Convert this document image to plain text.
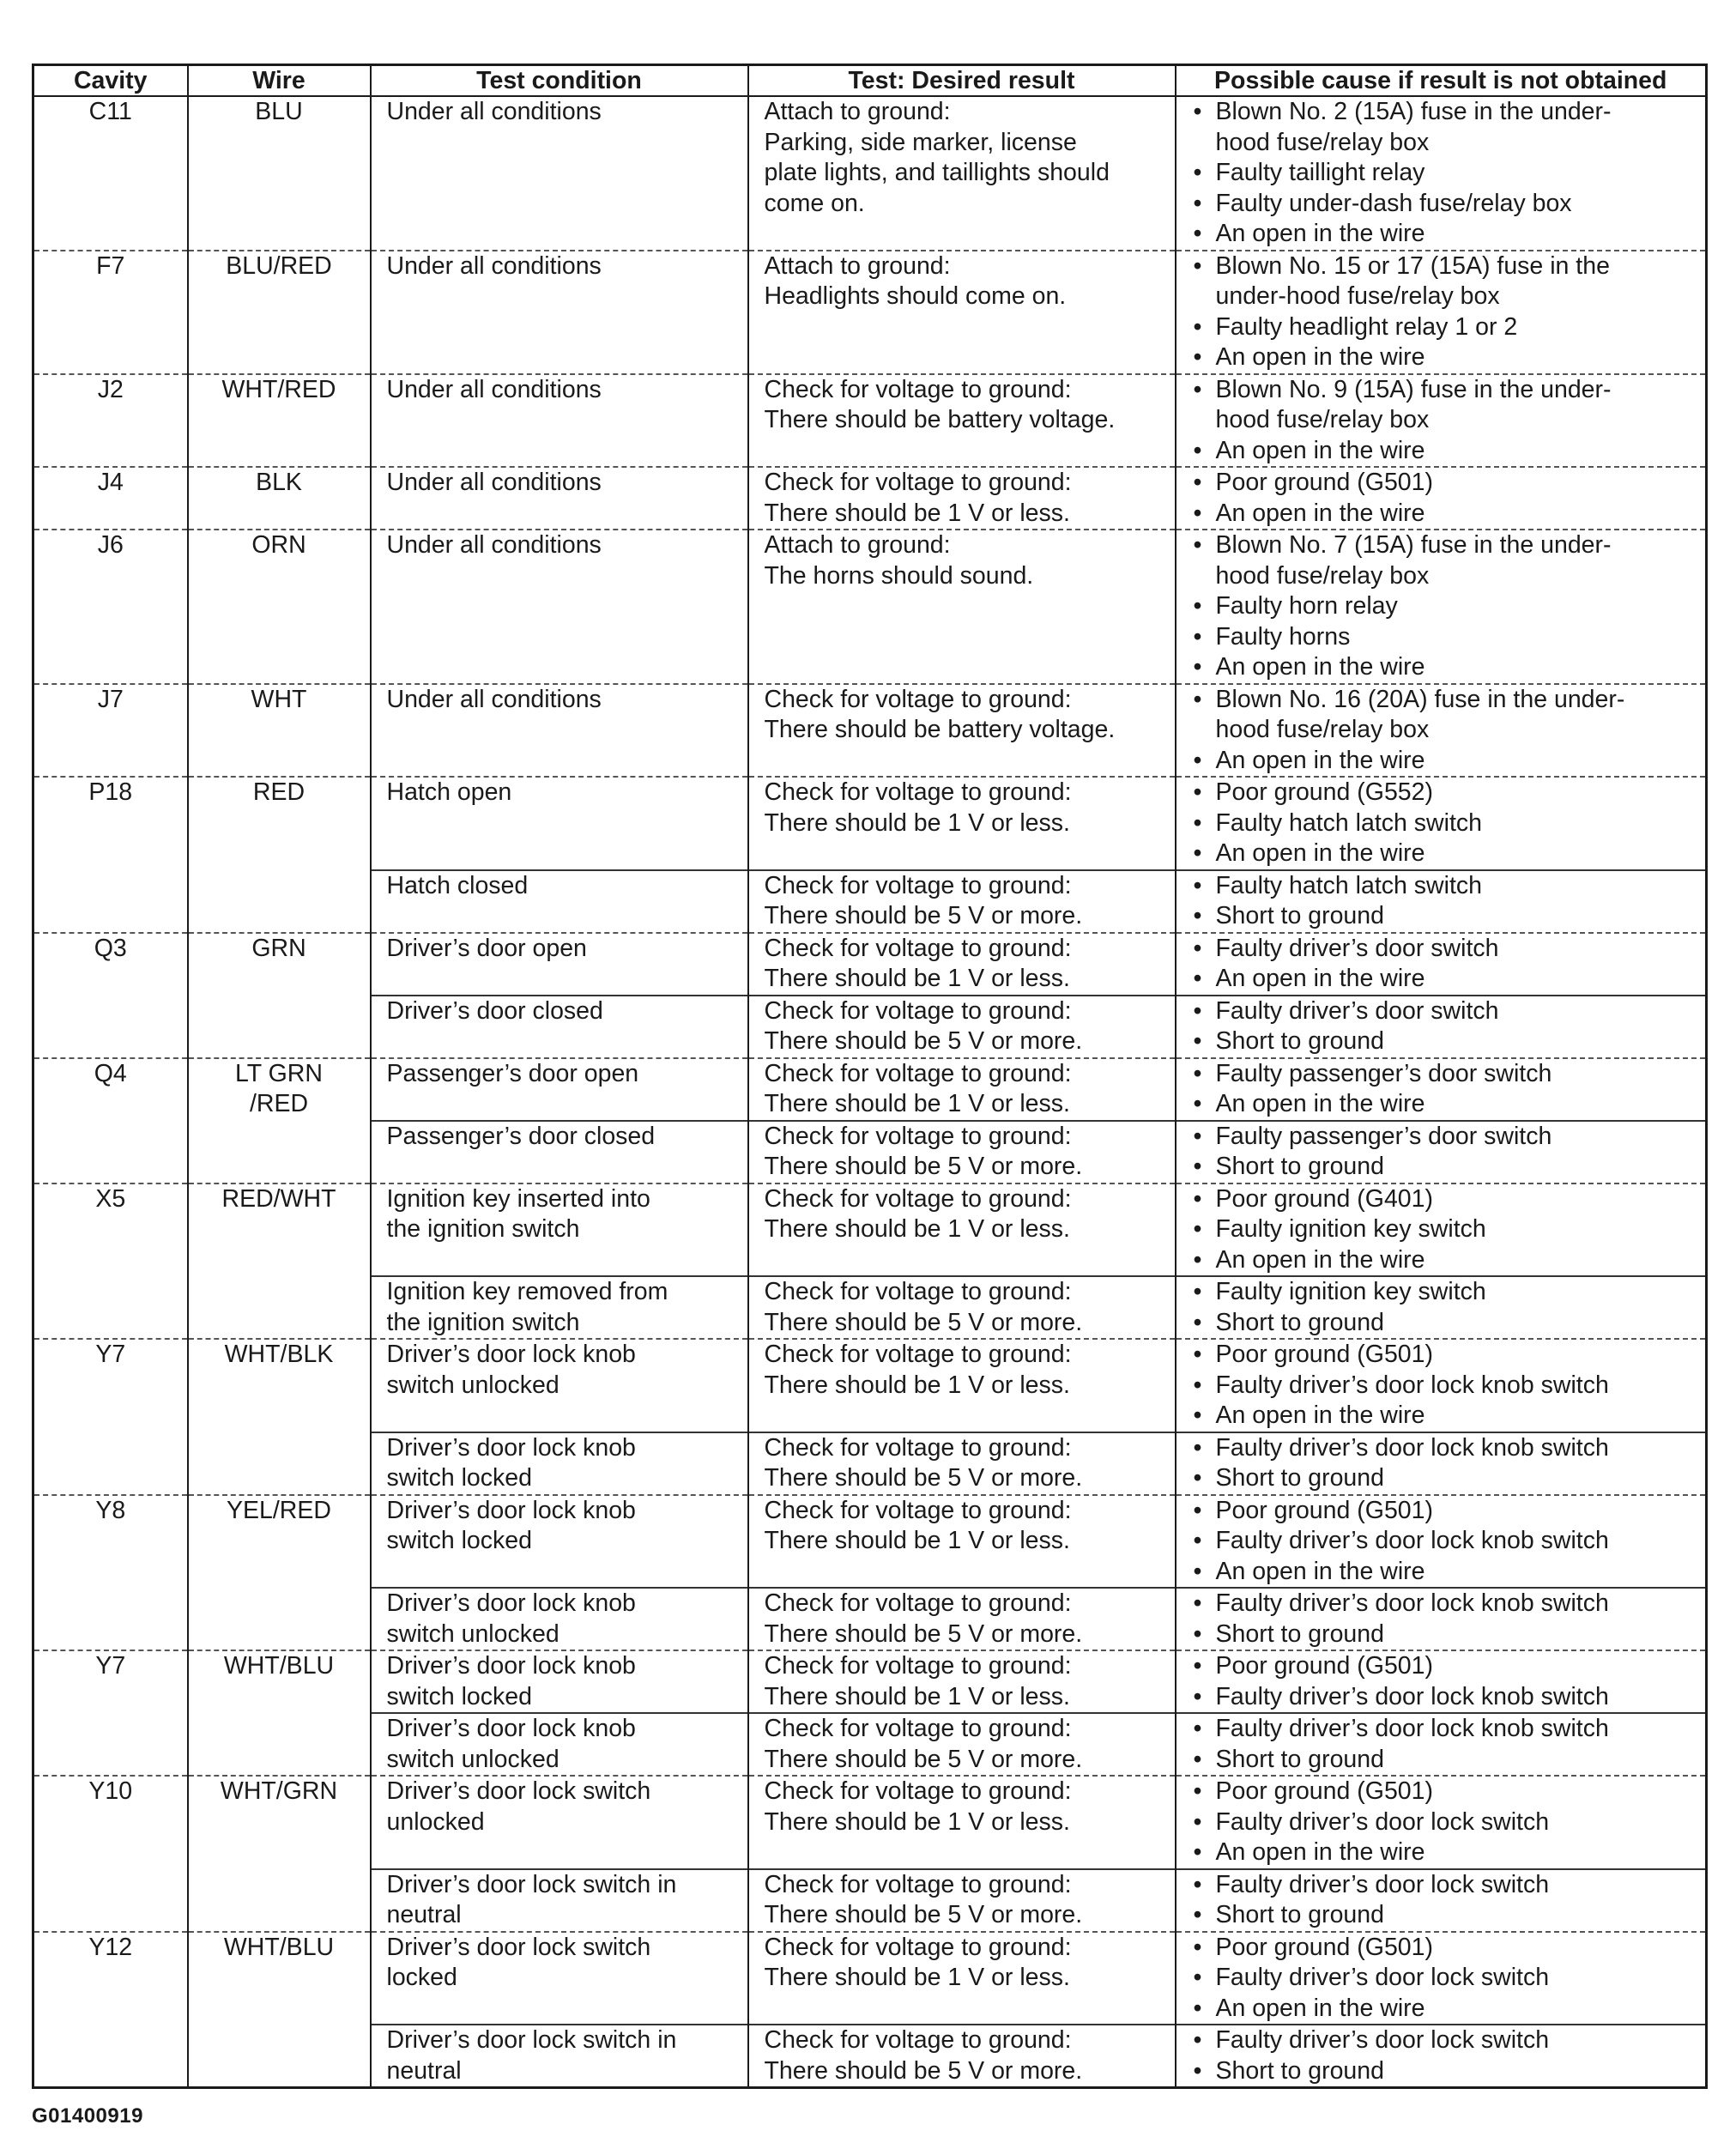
Cavity	Wire	Test condition	Test: Desired result	Possible cause if result is not obtained
C11	BLU	Under all conditions	Attach to ground:
Parking, side marker, license
plate lights, and taillights should
come on.	• Blown No. 2 (15A) fuse in the under-
hood fuse/relay box
• Faulty taillight relay
• Faulty under-dash fuse/relay box
• An open in the wire

F7	BLU/RED	Under all conditions	Attach to ground:
Headlights should come on.	• Blown No. 15 or 17 (15A) fuse in the
under-hood fuse/relay box
• Faulty headlight relay 1 or 2
• An open in the wire

J2	WHT/RED	Under all conditions	Check for voltage to ground:
There should be battery voltage.	• Blown No. 9 (15A) fuse in the under-
hood fuse/relay box
• An open in the wire

J4	BLK	Under all conditions	Check for voltage to ground:
There should be 1 V or less.	• Poor ground (G501)
• An open in the wire

J6	ORN	Under all conditions	Attach to ground:
The horns should sound.	• Blown No. 7 (15A) fuse in the under-
hood fuse/relay box
• Faulty horn relay
• Faulty horns
• An open in the wire

J7	WHT	Under all conditions	Check for voltage to ground:
There should be battery voltage.	• Blown No. 16 (20A) fuse in the under-
hood fuse/relay box
• An open in the wire

P18	RED	Hatch open	Check for voltage to ground:
There should be 1 V or less.	• Poor ground (G552)
• Faulty hatch latch switch
• An open in the wire

		Hatch closed	Check for voltage to ground:
There should be 5 V or more.	• Faulty hatch latch switch
• Short to ground

Q3	GRN	Driver’s door open	Check for voltage to ground:
There should be 1 V or less.	• Faulty driver’s door switch
• An open in the wire

		Driver’s door closed	Check for voltage to ground:
There should be 5 V or more.	• Faulty driver’s door switch
• Short to ground

Q4	LT GRN
/RED	Passenger’s door open	Check for voltage to ground:
There should be 1 V or less.	• Faulty passenger’s door switch
• An open in the wire

		Passenger’s door closed	Check for voltage to ground:
There should be 5 V or more.	• Faulty passenger’s door switch
• Short to ground

X5	RED/WHT	Ignition key inserted into
the ignition switch	Check for voltage to ground:
There should be 1 V or less.	• Poor ground (G401)
• Faulty ignition key switch
• An open in the wire

		Ignition key removed from
the ignition switch	Check for voltage to ground:
There should be 5 V or more.	• Faulty ignition key switch
• Short to ground

Y7	WHT/BLK	Driver’s door lock knob
switch unlocked	Check for voltage to ground:
There should be 1 V or less.	• Poor ground (G501)
• Faulty driver’s door lock knob switch
• An open in the wire

		Driver’s door lock knob
switch locked	Check for voltage to ground:
There should be 5 V or more.	• Faulty driver’s door lock knob switch
• Short to ground

Y8	YEL/RED	Driver’s door lock knob
switch locked	Check for voltage to ground:
There should be 1 V or less.	• Poor ground (G501)
• Faulty driver’s door lock knob switch
• An open in the wire

		Driver’s door lock knob
switch unlocked	Check for voltage to ground:
There should be 5 V or more.	• Faulty driver’s door lock knob switch
• Short to ground

Y7	WHT/BLU	Driver’s door lock knob
switch locked	Check for voltage to ground:
There should be 1 V or less.	• Poor ground (G501)
• Faulty driver’s door lock knob switch

		Driver’s door lock knob
switch unlocked	Check for voltage to ground:
There should be 5 V or more.	• Faulty driver’s door lock knob switch
• Short to ground

Y10	WHT/GRN	Driver’s door lock switch
unlocked	Check for voltage to ground:
There should be 1 V or less.	• Poor ground (G501)
• Faulty driver’s door lock switch
• An open in the wire

		Driver’s door lock switch in
neutral	Check for voltage to ground:
There should be 5 V or more.	• Faulty driver’s door lock switch
• Short to ground

Y12	WHT/BLU	Driver’s door lock switch
locked	Check for voltage to ground:
There should be 1 V or less.	• Poor ground (G501)
• Faulty driver’s door lock switch
• An open in the wire

		Driver’s door lock switch in
neutral	Check for voltage to ground:
There should be 5 V or more.	• Faulty driver’s door lock switch
• Short to ground
G01400919
